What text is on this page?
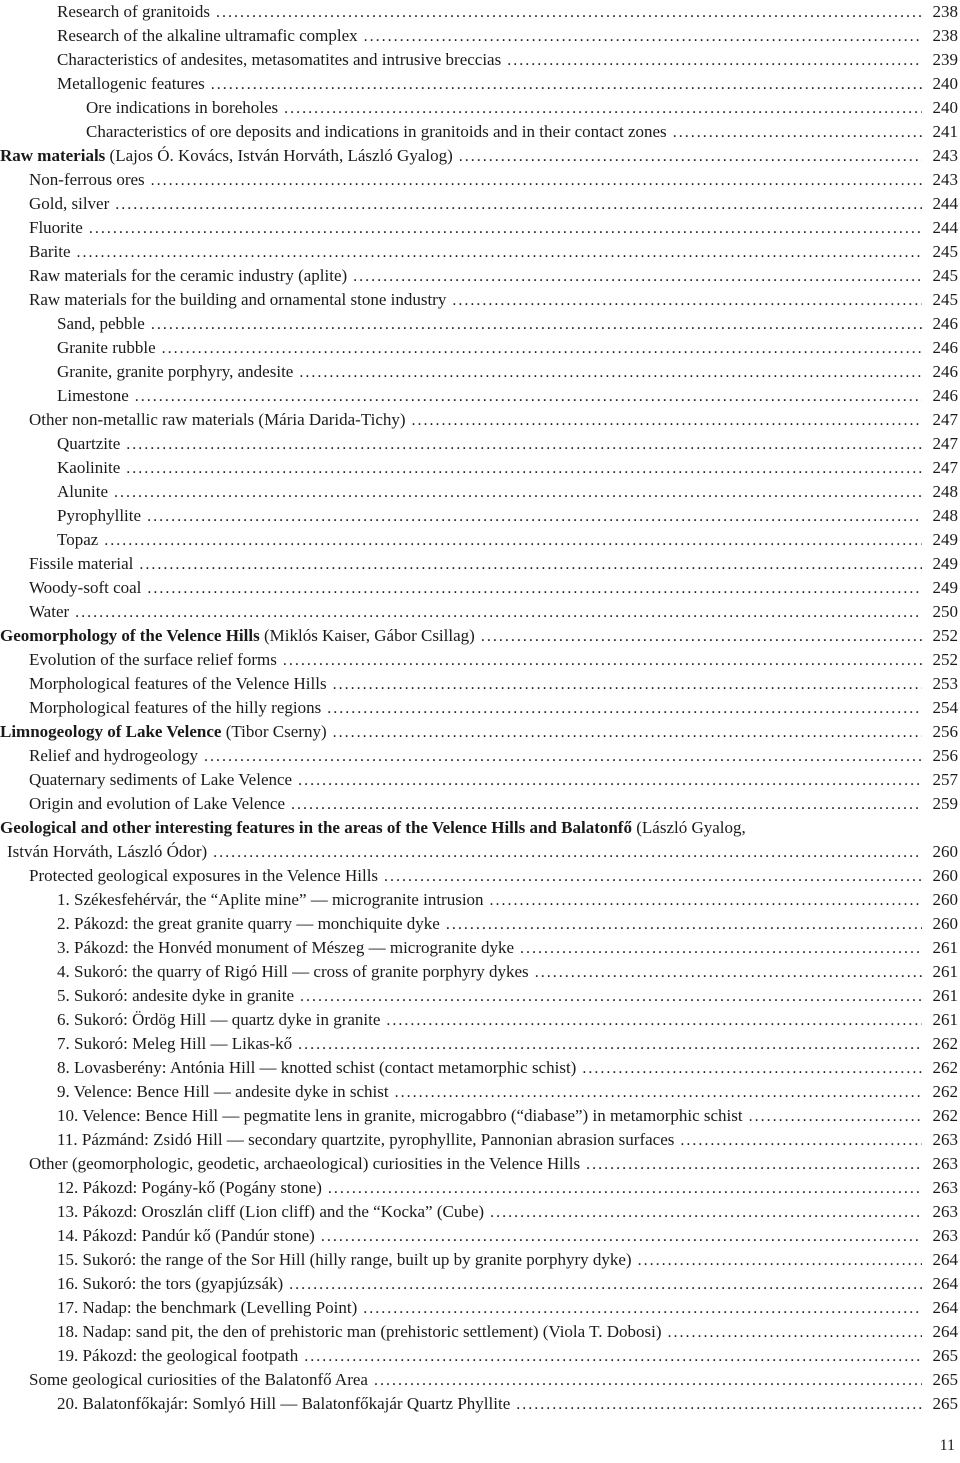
Research of granitoids . . .	238
Research of the alkaline ultramafic complex . . .	238
Characteristics of andesites, metasomatites and intrusive breccias . . .	239
Metallogenic features . . .	240
Ore indications in boreholes . . .	240
Characteristics of ore deposits and indications in granitoids and in their contact zones . . .	241
Raw materials (Lajos Ó. Kovács, István Horváth, László Gyalog) . . .	243
Non-ferrous ores . . .	243
Gold, silver . . .	244
Fluorite . . .	244
Barite . . .	245
Raw materials for the ceramic industry (aplite) . . .	245
Raw materials for the building and ornamental stone industry . . .	245
Sand, pebble . . .	246
Granite rubble . . .	246
Granite, granite porphyry, andesite . . .	246
Limestone . . .	246
Other non-metallic raw materials (Mária Darida-Tichy) . . .	247
Quartzite . . .	247
Kaolinite . . .	247
Alunite . . .	248
Pyrophyllite . . .	248
Topaz . . .	249
Fissile material . . .	249
Woody-soft coal . . .	249
Water . . .	250
Geomorphology of the Velence Hills (Miklós Kaiser, Gábor Csillag) . . .	252
Evolution of the surface relief forms . . .	252
Morphological features of the Velence Hills . . .	253
Morphological features of the hilly regions . . .	254
Limnogeology of Lake Velence (Tibor Cserny) . . .	256
Relief and hydrogeology . . .	256
Quaternary sediments of Lake Velence . . .	257
Origin and evolution of Lake Velence . . .	259
Geological and other interesting features in the areas of the Velence Hills and Balatonfő (László Gyalog,
István Horváth, László Ódor) . . .	260
Protected geological exposures in the Velence Hills . . .	260
1. Székesfehérvár, the “Aplite mine” — microgranite intrusion . . .	260
2. Pákozd: the great granite quarry — monchiquite dyke . . .	260
3. Pákozd: the Honvéd monument of Mészeg — microgranite dyke . . .	261
4. Sukoró: the quarry of Rigó Hill — cross of granite porphyry dykes . . .	261
5. Sukoró: andesite dyke in granite . . .	261
6. Sukoró: Ördög Hill — quartz dyke in granite . . .	261
7. Sukoró: Meleg Hill — Likas-kő . . .	262
8. Lovasberény: Antónia Hill — knotted schist (contact metamorphic schist) . . .	262
9. Velence: Bence Hill — andesite dyke in schist . . .	262
10. Velence: Bence Hill — pegmatite lens in granite, microgabbro (“diabase”) in metamorphic schist . . .	262
11. Pázmánd: Zsidó Hill — secondary quartzite, pyrophyllite, Pannonian abrasion surfaces . . .	263
Other (geomorphologic, geodetic, archaeological) curiosities in the Velence Hills . . .	263
12. Pákozd: Pogány-kő (Pogány stone) . . .	263
13. Pákozd: Oroszlán cliff (Lion cliff) and the “Kocka” (Cube) . . .	263
14. Pákozd: Pandúr kő (Pandúr stone) . . .	263
15. Sukoró: the range of the Sor Hill (hilly range, built up by granite porphyry dyke) . . .	264
16. Sukoró: the tors (gyapjúzsák) . . .	264
17. Nadap: the benchmark (Levelling Point) . . .	264
18. Nadap: sand pit, the den of prehistoric man (prehistoric settlement) (Viola T. Dobosi) . . .	264
19. Pákozd: the geological footpath . . .	265
Some geological curiosities of the Balatonfő Area . . .	265
20. Balatonfőkajár: Somlyó Hill — Balatonfőkajár Quartz Phyllite . . .	265
11
